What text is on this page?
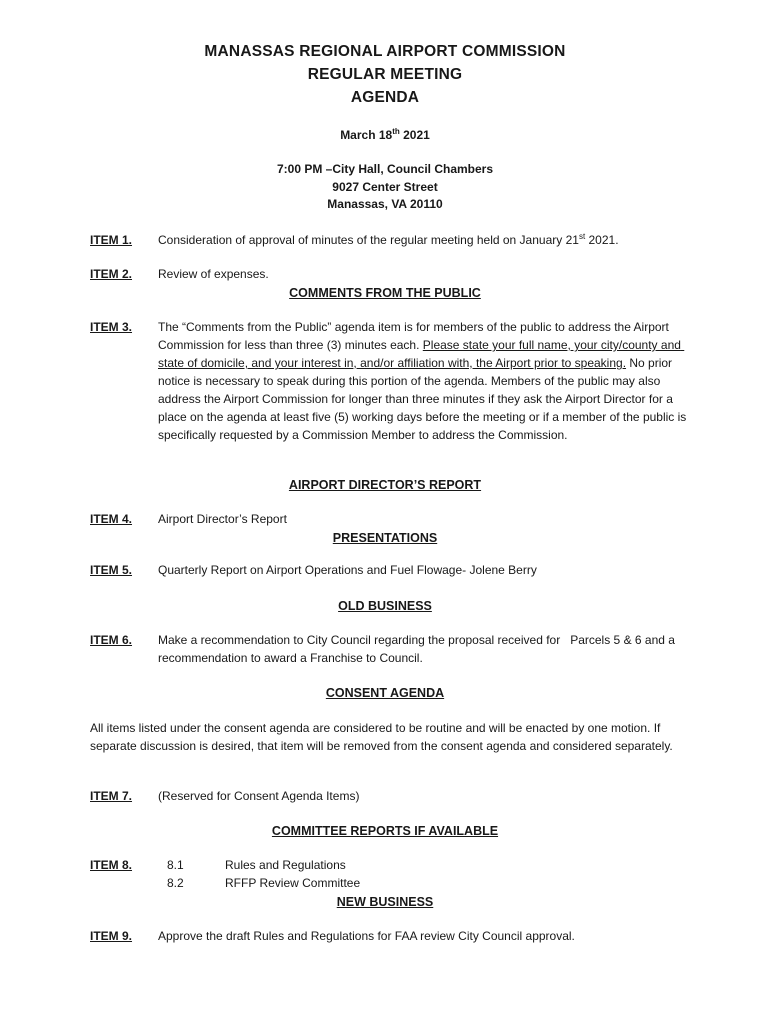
MANASSAS REGIONAL AIRPORT COMMISSION
REGULAR MEETING
AGENDA
March 18th 2021
7:00 PM –City Hall, Council Chambers
9027 Center Street
Manassas, VA 20110
ITEM 1.	Consideration of approval of minutes of the regular meeting held on January 21st 2021.
ITEM 2.	Review of expenses.
COMMENTS FROM THE PUBLIC
ITEM 3.	The “Comments from the Public” agenda item is for members of the public to address the Airport Commission for less than three (3) minutes each. Please state your full name, your city/county and state of domicile, and your interest in, and/or affiliation with, the Airport prior to speaking. No prior notice is necessary to speak during this portion of the agenda. Members of the public may also address the Airport Commission for longer than three minutes if they ask the Airport Director for a place on the agenda at least five (5) working days before the meeting or if a member of the public is specifically requested by a Commission Member to address the Commission.
AIRPORT DIRECTOR’S REPORT
ITEM 4.	Airport Director’s Report
PRESENTATIONS
ITEM 5.	Quarterly Report on Airport Operations and Fuel Flowage- Jolene Berry
OLD BUSINESS
ITEM 6.	Make a recommendation to City Council regarding the proposal received for   Parcels 5 & 6 and a recommendation to award a Franchise to Council.
CONSENT AGENDA
All items listed under the consent agenda are considered to be routine and will be enacted by one motion. If separate discussion is desired, that item will be removed from the consent agenda and considered separately.
ITEM 7.	(Reserved for Consent Agenda Items)
COMMITTEE REPORTS IF AVAILABLE
ITEM 8.	8.1	Rules and Regulations
8.2	RFFP Review Committee
NEW BUSINESS
ITEM 9.	Approve the draft Rules and Regulations for FAA review City Council approval.
